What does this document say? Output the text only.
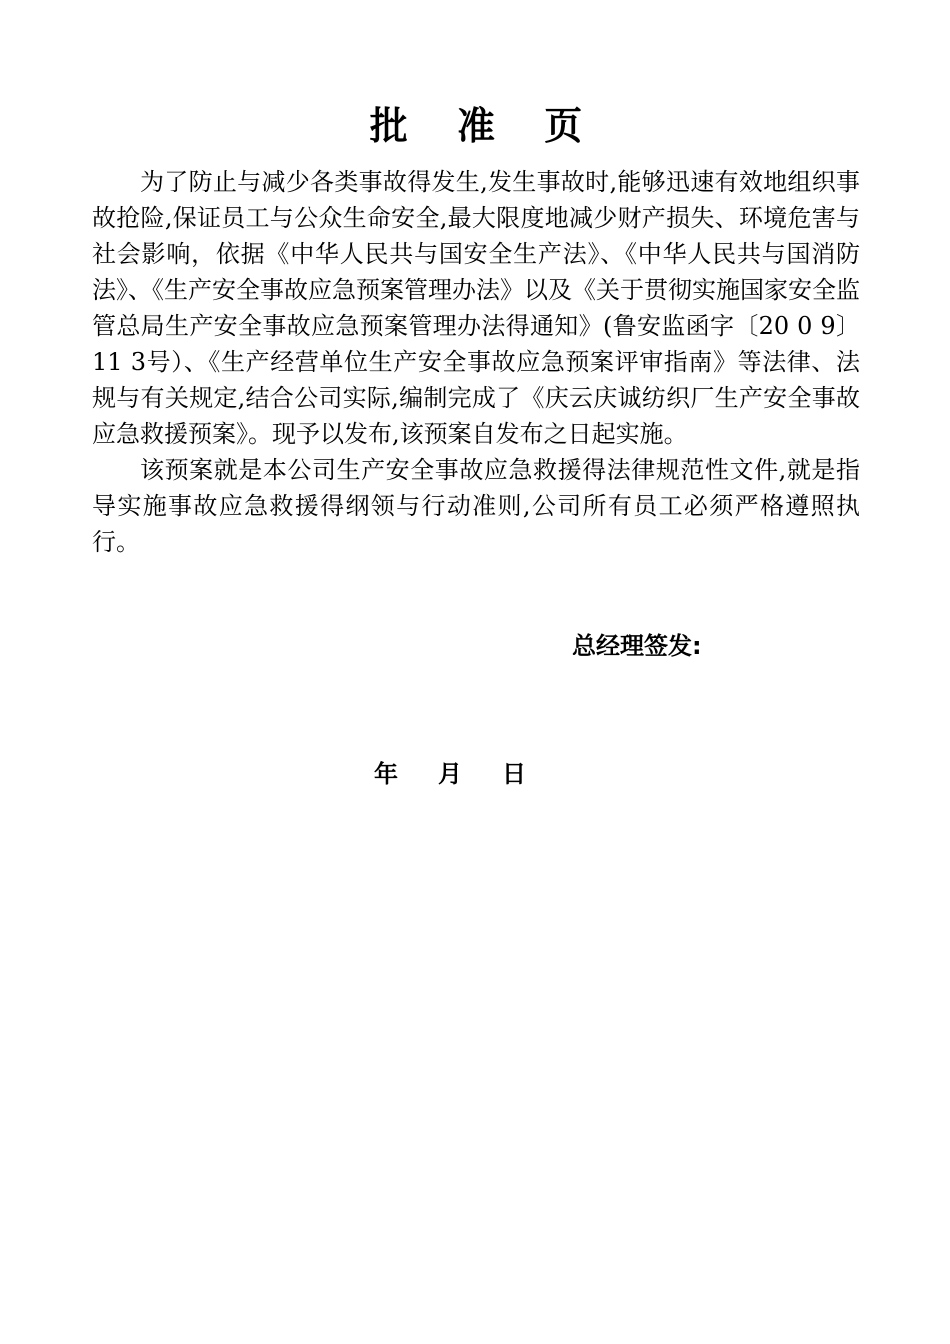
批 准 页

为了防止与减少各类事故得发生,发生事故时,能够迅速有效地组织事故抢险,保证员工与公众生命安全,最大限度地减少财产损失、环境危害与社会影响，依据《中华人民共与国安全生产法》、《中华人民共与国消防法》、《生产安全事故应急预案管理办法》以及《关于贯彻实施国家安全监管总局生产安全事故应急预案管理办法得通知》(鲁安监函字〔20 0 9〕11 3号）、《生产经营单位生产安全事故应急预案评审指南》等法律、法规与有关规定,结合公司实际,编制完成了《庆云庆诚纺织厂生产安全事故应急救援预案》。现予以发布,该预案自发布之日起实施。

该预案就是本公司生产安全事故应急救援得法律规范性文件,就是指导实施事故应急救援得纲领与行动准则,公司所有员工必须严格遵照执行。

总经理签发:
年 月 日
